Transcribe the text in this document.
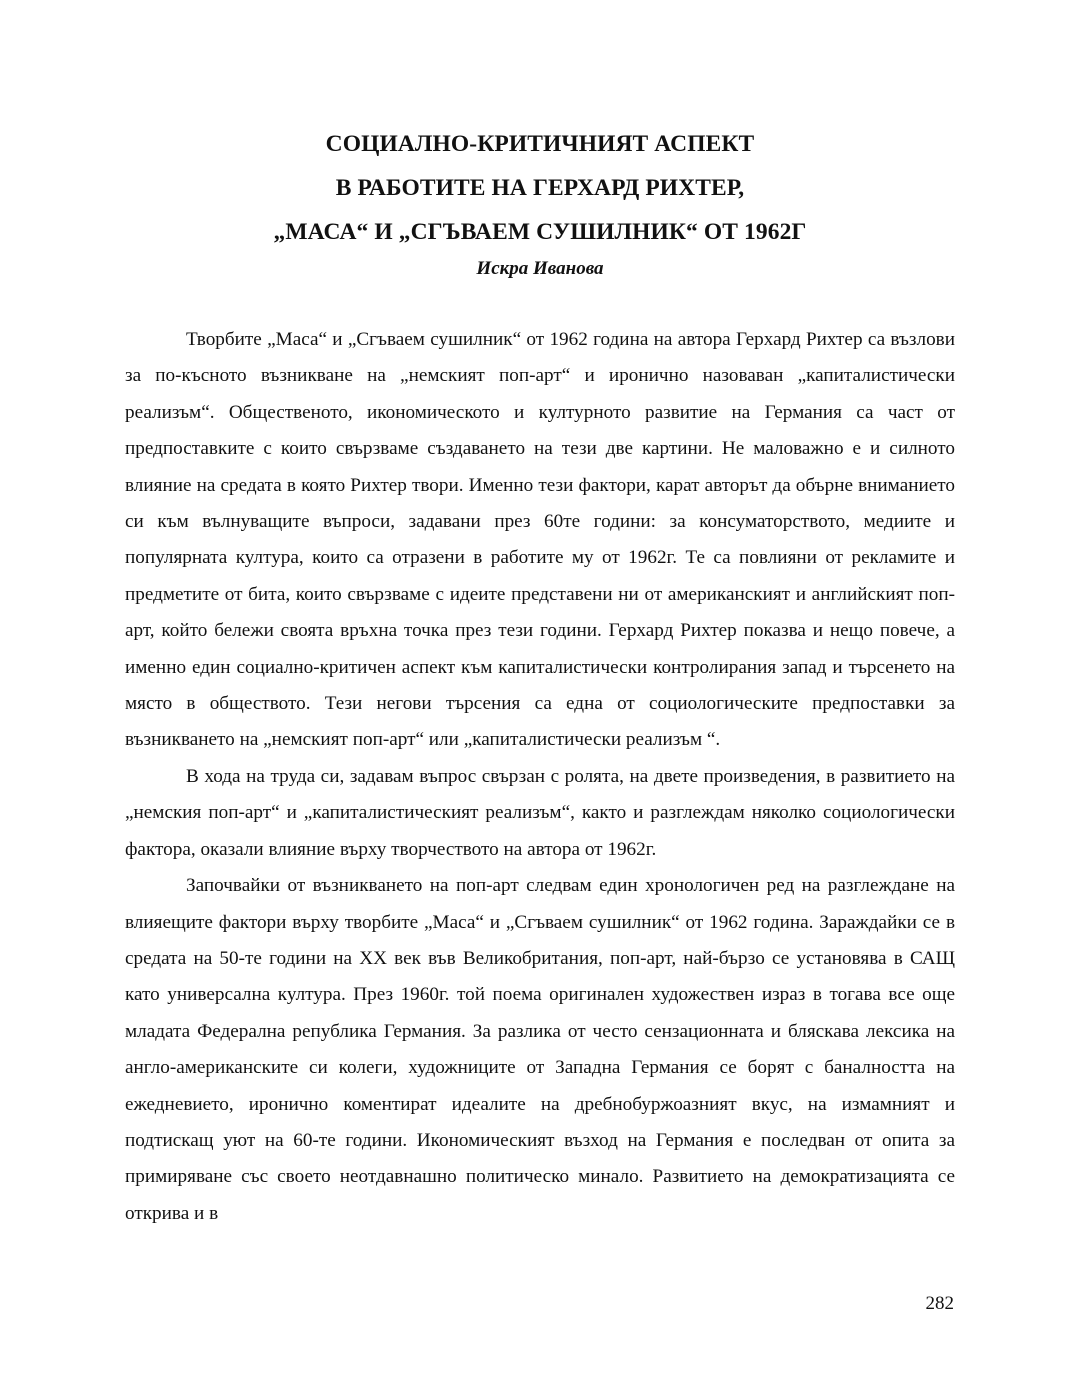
СОЦИАЛНО-КРИТИЧНИЯТ АСПЕКТ
В РАБОТИТЕ НА ГЕРХАРД РИХТЕР,
„МАСА“ И „СГЪВАЕМ СУШИЛНИК“ ОТ 1962Г
Искра Иванова

Творбите „Маса“ и „Сгъваем сушилник“ от 1962 година на автора Герхард Рихтер са възлови за по-късното възникване на „немският поп-арт“ и иронично назоваван „капиталистически реализъм“. Общественото, икономическото и културното развитие на Германия са част от предпоставките с които свързваме създаването на тези две картини. Не маловажно е и силното влияние на средата в която Рихтер твори. Именно тези фактори, карат авторът да обърне вниманието си към вълнуващите въпроси, задавани през 60те години: за консуматорството, медиите и популярната култура, които са отразени в работите му от 1962г. Те са повлияни от рекламите и предметите от бита, които свързваме с идеите представени ни от американският и английският поп-арт, който бележи своята връхна точка през тези години. Герхард Рихтер показва и нещо повече, а именно един социално-критичен аспект към капиталистически контролирания запад и търсенето на място в обществото. Тези негови търсения са една от социологическите предпоставки за възникването на „немският поп-арт“ или „капиталистически реализъм “.

В хода на труда си, задавам въпрос свързан с ролята, на двете произведения, в развитието на „немския поп-арт“ и „капиталистическият реализъм“, както и разглеждам няколко социологически фактора, оказали влияние върху творчеството на автора от 1962г.

Започвайки от възникването на поп-арт следвам един хронологичен ред на разглеждане на влияещите фактори върху творбите „Маса“ и „Сгъваем сушилник“ от 1962 година. Зараждайки се в средата на 50-те години на XX век във Великобритания, поп-арт, най-бързо се установява в САЩ като универсална култура. През 1960г. той поема оригинален художествен израз в тогава все още младата Федерална република Германия. За разлика от често сензационната и бляскава лексика на англо-американските си колеги, художниците от Западна Германия се борят с баналността на ежедневието, иронично коментират идеалите на дребнобуржоазният вкус, на измамният и подтискащ уют на 60-те години. Икономическият възход на Германия е последван от опита за примиряване със своето неотдавнашно политическо минало. Развитието на демократизацията се открива и в

282
